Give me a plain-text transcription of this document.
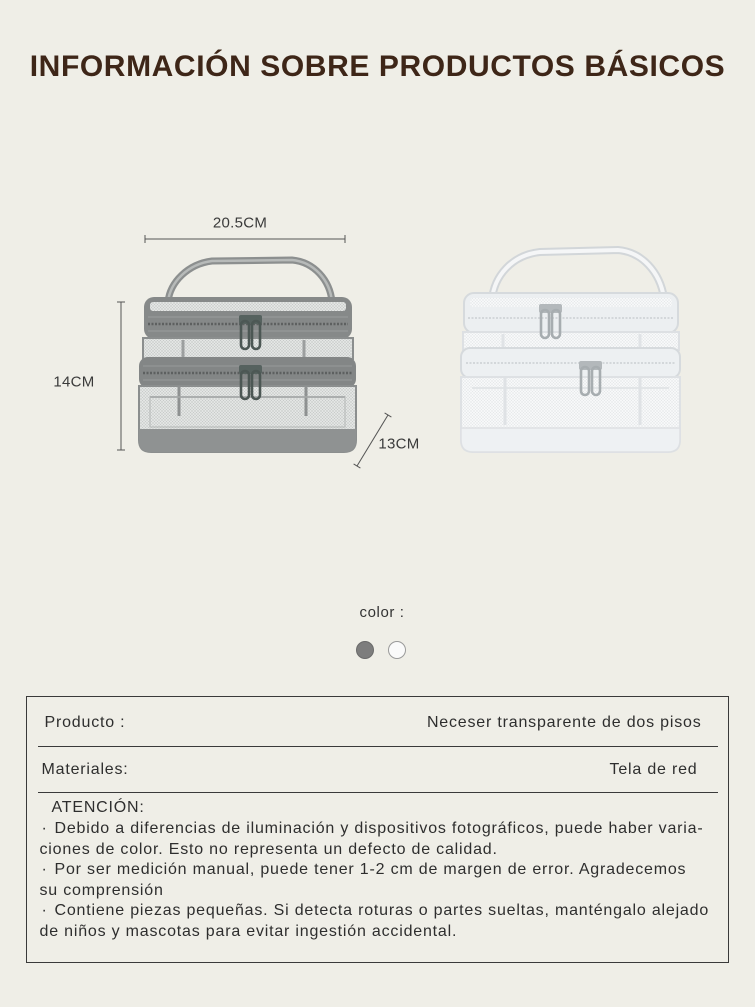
INFORMACIÓN SOBRE PRODUCTOS BÁSICOS
20.5CM
14CM
13CM
color :
Producto :	Neceser transparente de dos pisos
Materiales:	Tela de red
ATENCIÓN:
· Debido a diferencias de iluminación y dispositivos fotográficos, puede haber varia-
ciones de color. Esto no representa un defecto de calidad.
· Por ser medición manual, puede tener 1-2 cm de margen de error. Agradecemos
su comprensión
· Contiene piezas pequeñas. Si detecta roturas o partes sueltas, manténgalo alejado
de niños y mascotas para evitar ingestión accidental.
